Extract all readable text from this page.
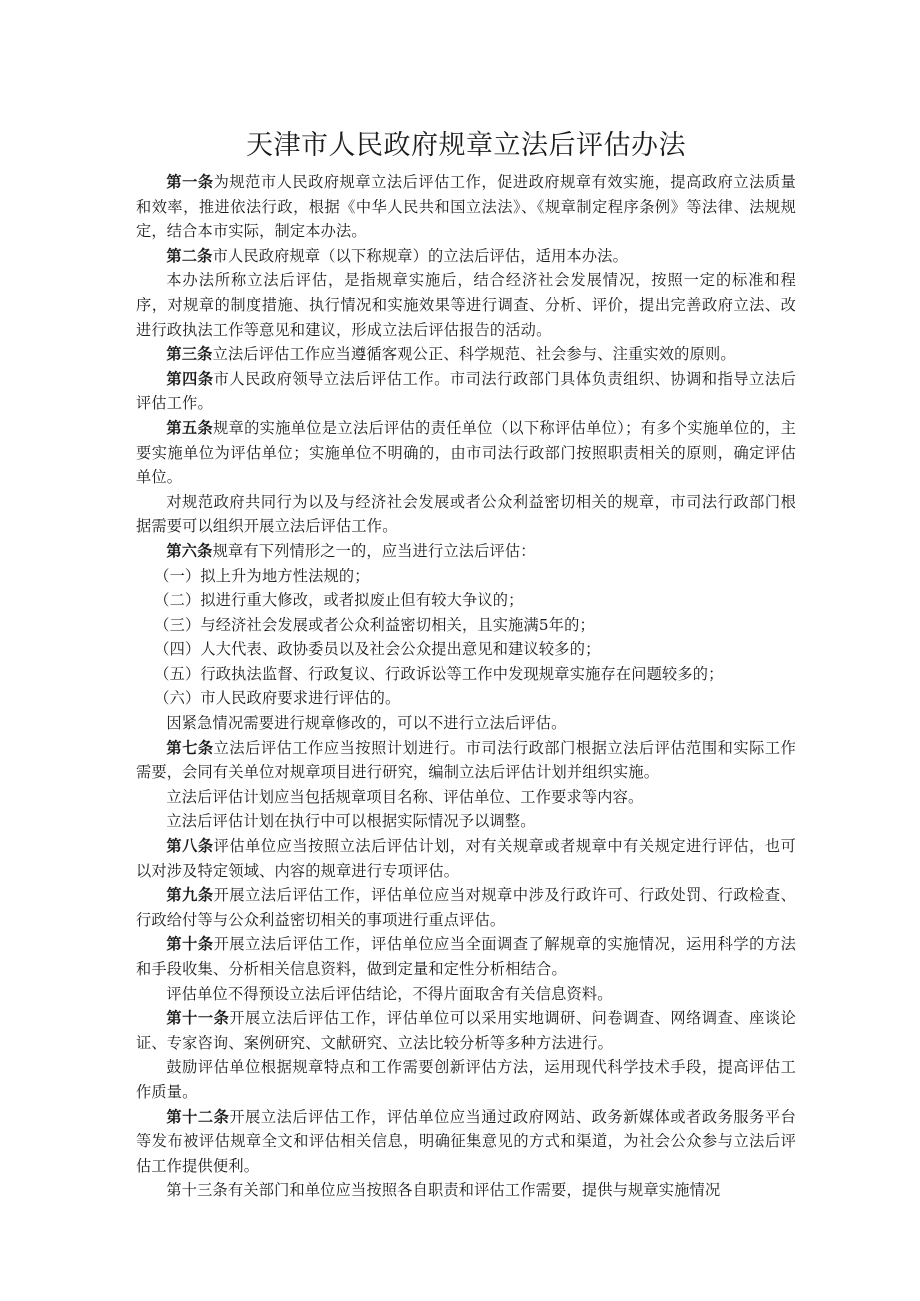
天津市人民政府规章立法后评估办法

第一条为规范市人民政府规章立法后评估工作，促进政府规章有效实施，提高政府立法质量和效率，推进依法行政，根据《中华人民共和国立法法》、《规章制定程序条例》等法律、法规规定，结合本市实际，制定本办法。

第二条市人民政府规章（以下称规章）的立法后评估，适用本办法。

本办法所称立法后评估，是指规章实施后，结合经济社会发展情况，按照一定的标准和程序，对规章的制度措施、执行情况和实施效果等进行调查、分析、评价，提出完善政府立法、改进行政执法工作等意见和建议，形成立法后评估报告的活动。

第三条立法后评估工作应当遵循客观公正、科学规范、社会参与、注重实效的原则。

第四条市人民政府领导立法后评估工作。市司法行政部门具体负责组织、协调和指导立法后评估工作。

第五条规章的实施单位是立法后评估的责任单位（以下称评估单位）；有多个实施单位的，主要实施单位为评估单位；实施单位不明确的，由市司法行政部门按照职责相关的原则，确定评估单位。

对规范政府共同行为以及与经济社会发展或者公众利益密切相关的规章，市司法行政部门根据需要可以组织开展立法后评估工作。

第六条规章有下列情形之一的，应当进行立法后评估：

（一）拟上升为地方性法规的；

（二）拟进行重大修改，或者拟废止但有较大争议的；

（三）与经济社会发展或者公众利益密切相关，且实施满5年的；

（四）人大代表、政协委员以及社会公众提出意见和建议较多的；

（五）行政执法监督、行政复议、行政诉讼等工作中发现规章实施存在问题较多的；

（六）市人民政府要求进行评估的。

因紧急情况需要进行规章修改的，可以不进行立法后评估。

第七条立法后评估工作应当按照计划进行。市司法行政部门根据立法后评估范围和实际工作需要，会同有关单位对规章项目进行研究，编制立法后评估计划并组织实施。

立法后评估计划应当包括规章项目名称、评估单位、工作要求等内容。

立法后评估计划在执行中可以根据实际情况予以调整。

第八条评估单位应当按照立法后评估计划，对有关规章或者规章中有关规定进行评估，也可以对涉及特定领域、内容的规章进行专项评估。

第九条开展立法后评估工作，评估单位应当对规章中涉及行政许可、行政处罚、行政检查、行政给付等与公众利益密切相关的事项进行重点评估。

第十条开展立法后评估工作，评估单位应当全面调查了解规章的实施情况，运用科学的方法和手段收集、分析相关信息资料，做到定量和定性分析相结合。

评估单位不得预设立法后评估结论，不得片面取舍有关信息资料。

第十一条开展立法后评估工作，评估单位可以采用实地调研、问卷调查、网络调查、座谈论证、专家咨询、案例研究、文献研究、立法比较分析等多种方法进行。

鼓励评估单位根据规章特点和工作需要创新评估方法，运用现代科学技术手段，提高评估工作质量。

第十二条开展立法后评估工作，评估单位应当通过政府网站、政务新媒体或者政务服务平台等发布被评估规章全文和评估相关信息，明确征集意见的方式和渠道，为社会公众参与立法后评估工作提供便利。

第十三条有关部门和单位应当按照各自职责和评估工作需要，提供与规章实施情况
